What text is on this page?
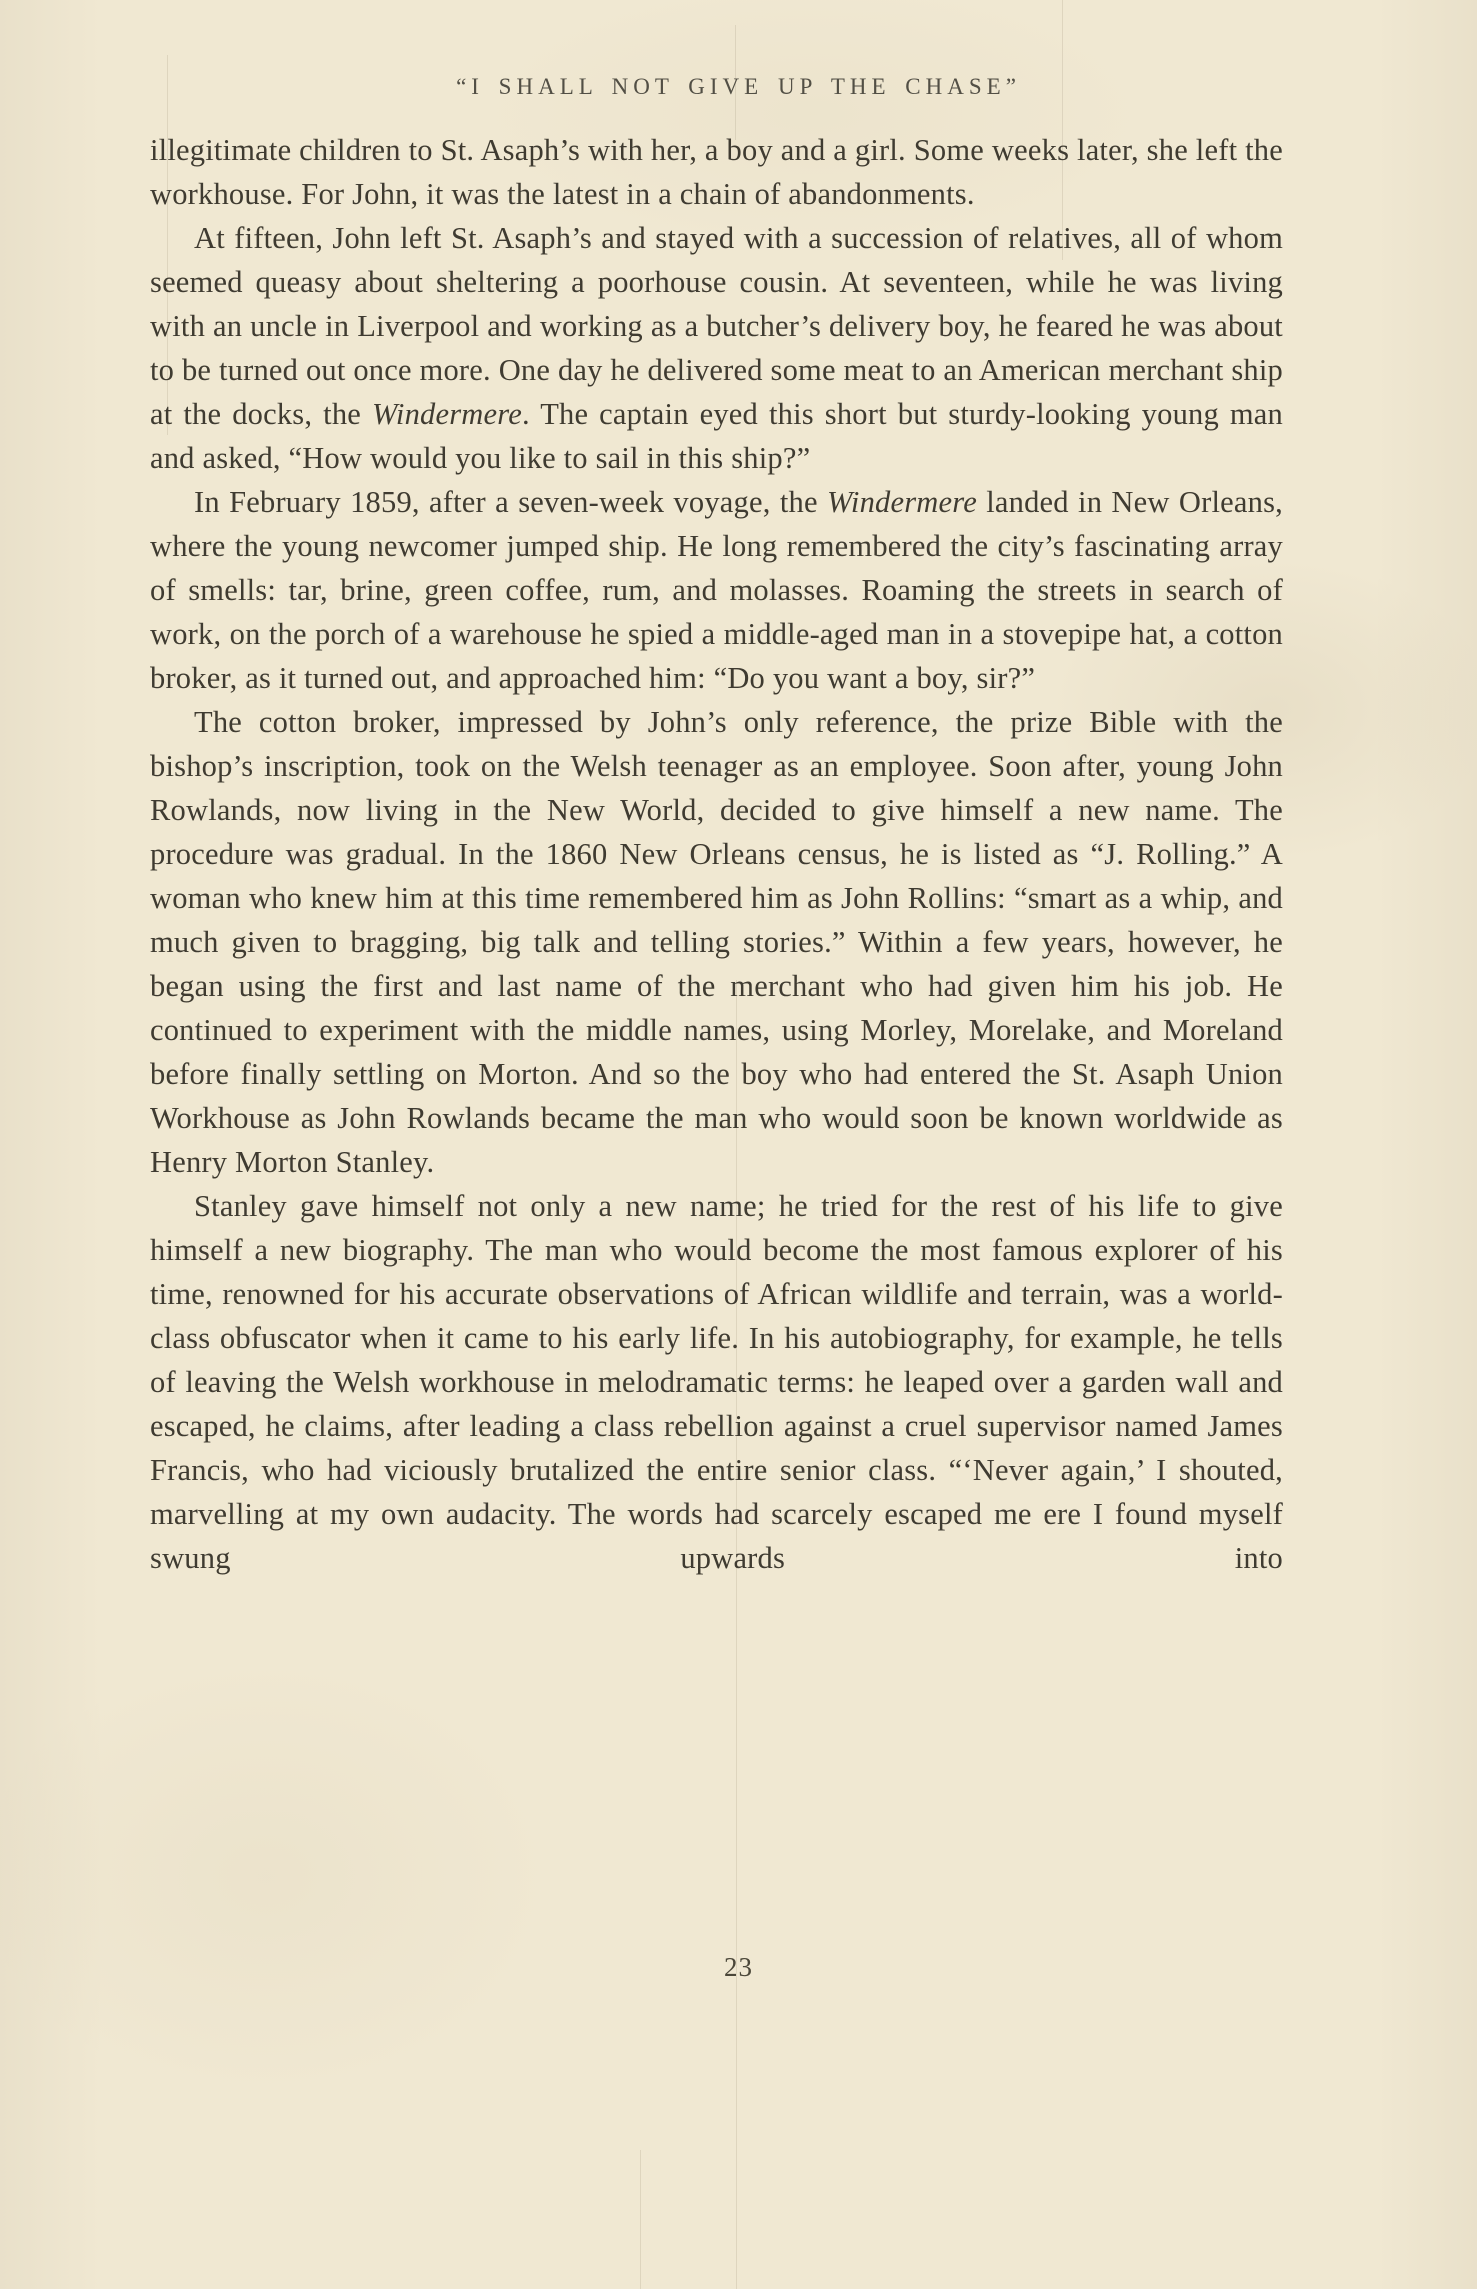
“I SHALL NOT GIVE UP THE CHASE”

illegitimate children to St. Asaph’s with her, a boy and a girl. Some weeks later, she left the workhouse. For John, it was the latest in a chain of abandonments.

At fifteen, John left St. Asaph’s and stayed with a succession of relatives, all of whom seemed queasy about sheltering a poorhouse cousin. At seventeen, while he was living with an uncle in Liverpool and working as a butcher’s delivery boy, he feared he was about to be turned out once more. One day he delivered some meat to an American merchant ship at the docks, the Windermere. The captain eyed this short but sturdy-looking young man and asked, “How would you like to sail in this ship?”

In February 1859, after a seven-week voyage, the Windermere landed in New Orleans, where the young newcomer jumped ship. He long remembered the city’s fascinating array of smells: tar, brine, green coffee, rum, and molasses. Roaming the streets in search of work, on the porch of a warehouse he spied a middle-aged man in a stovepipe hat, a cotton broker, as it turned out, and approached him: “Do you want a boy, sir?”

The cotton broker, impressed by John’s only reference, the prize Bible with the bishop’s inscription, took on the Welsh teenager as an employee. Soon after, young John Rowlands, now living in the New World, decided to give himself a new name. The procedure was gradual. In the 1860 New Orleans census, he is listed as “J. Rolling.” A woman who knew him at this time remembered him as John Rollins: “smart as a whip, and much given to bragging, big talk and telling stories.” Within a few years, however, he began using the first and last name of the merchant who had given him his job. He continued to experiment with the middle names, using Morley, Morelake, and Moreland before finally settling on Morton. And so the boy who had entered the St. Asaph Union Workhouse as John Rowlands became the man who would soon be known worldwide as Henry Morton Stanley.

Stanley gave himself not only a new name; he tried for the rest of his life to give himself a new biography. The man who would become the most famous explorer of his time, renowned for his accurate observations of African wildlife and terrain, was a world-class obfuscator when it came to his early life. In his autobiography, for example, he tells of leaving the Welsh workhouse in melodramatic terms: he leaped over a garden wall and escaped, he claims, after leading a class rebellion against a cruel supervisor named James Francis, who had viciously brutalized the entire senior class. “‘Never again,’ I shouted, marvelling at my own audacity. The words had scarcely escaped me ere I found myself swung upwards into

23
